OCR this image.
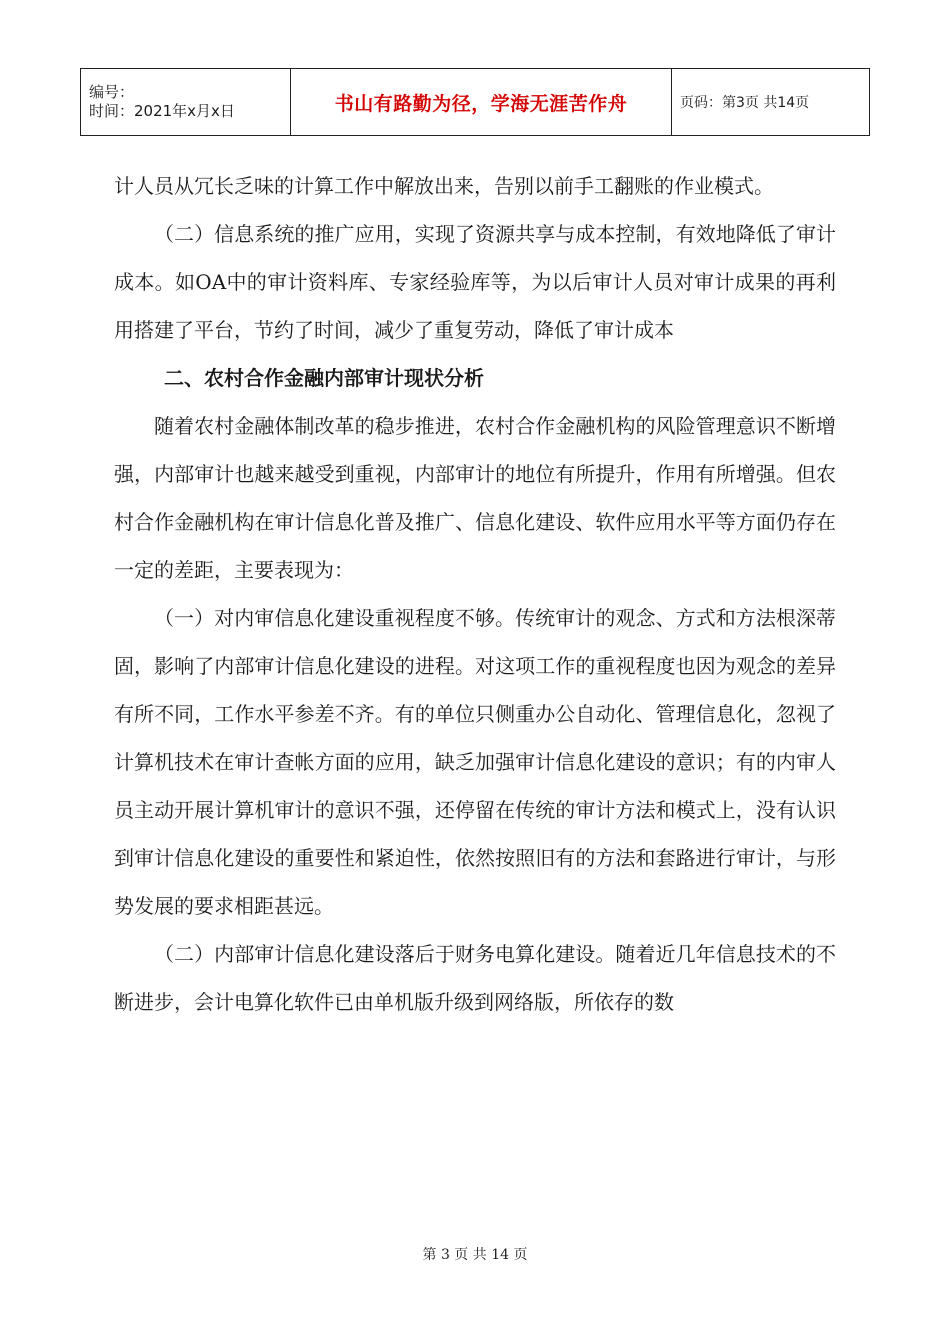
编号：
时间：2021年x月x日	书山有路勤为径，学海无涯苦作舟	页码：第3页 共14页

计人员从冗长乏味的计算工作中解放出来，告别以前手工翻账的作业模式。

（二）信息系统的推广应用，实现了资源共享与成本控制，有效地降低了审计成本。如OA中的审计资料库、专家经验库等，为以后审计人员对审计成果的再利用搭建了平台，节约了时间，减少了重复劳动，降低了审计成本

二、农村合作金融内部审计现状分析

随着农村金融体制改革的稳步推进，农村合作金融机构的风险管理意识不断增强，内部审计也越来越受到重视，内部审计的地位有所提升，作用有所增强。但农村合作金融机构在审计信息化普及推广、信息化建设、软件应用水平等方面仍存在一定的差距，主要表现为：

（一）对内审信息化建设重视程度不够。传统审计的观念、方式和方法根深蒂固，影响了内部审计信息化建设的进程。对这项工作的重视程度也因为观念的差异有所不同，工作水平参差不齐。有的单位只侧重办公自动化、管理信息化，忽视了计算机技术在审计查帐方面的应用，缺乏加强审计信息化建设的意识；有的内审人员主动开展计算机审计的意识不强，还停留在传统的审计方法和模式上，没有认识到审计信息化建设的重要性和紧迫性，依然按照旧有的方法和套路进行审计，与形势发展的要求相距甚远。

（二）内部审计信息化建设落后于财务电算化建设。随着近几年信息技术的不断进步，会计电算化软件已由单机版升级到网络版，所依存的数

第 3 页 共 14 页
